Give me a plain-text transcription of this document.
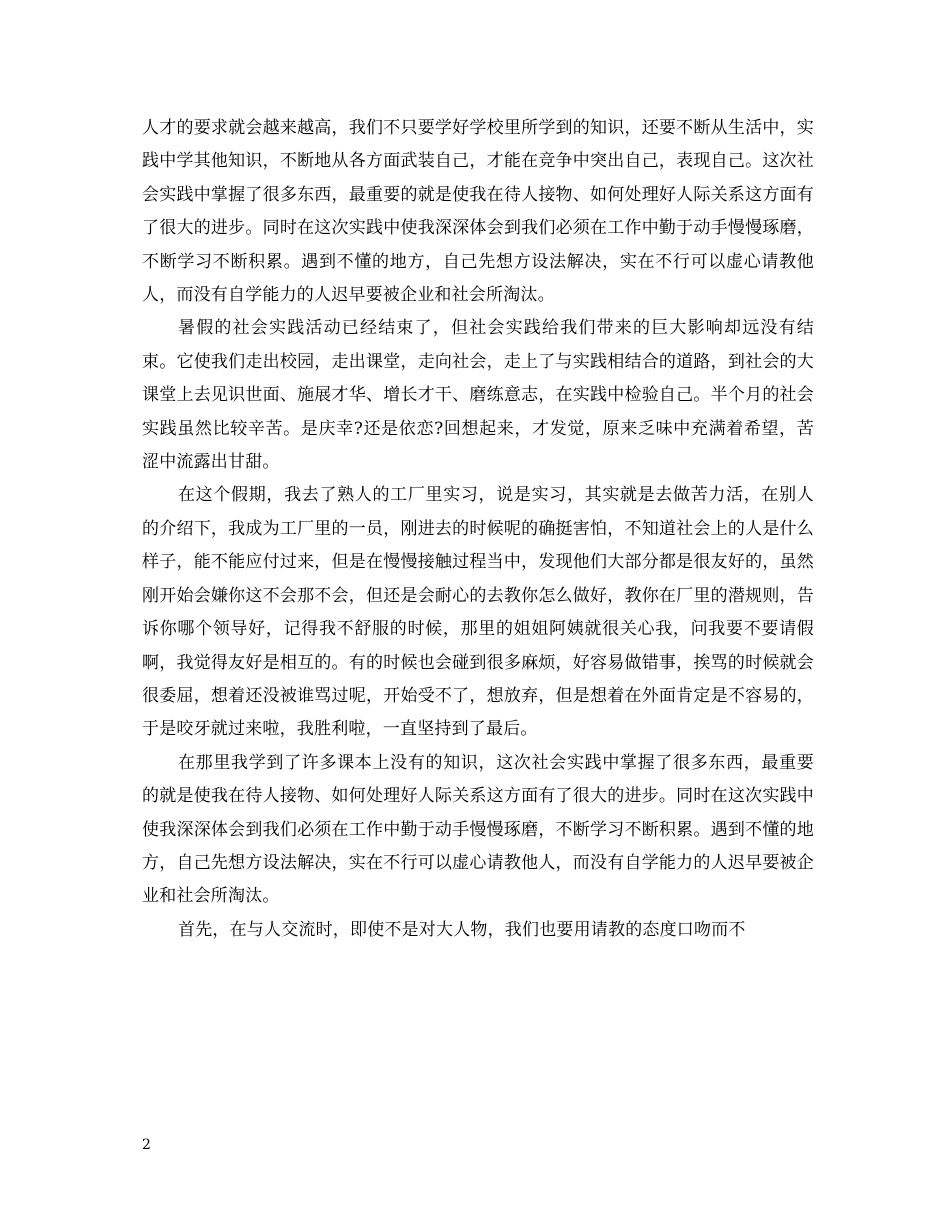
人才的要求就会越来越高，我们不只要学好学校里所学到的知识，还要不断从生活中，实践中学其他知识，不断地从各方面武装自己，才能在竞争中突出自己，表现自己。这次社会实践中掌握了很多东西，最重要的就是使我在待人接物、如何处理好人际关系这方面有了很大的进步。同时在这次实践中使我深深体会到我们必须在工作中勤于动手慢慢琢磨，不断学习不断积累。遇到不懂的地方，自己先想方设法解决，实在不行可以虚心请教他人，而没有自学能力的人迟早要被企业和社会所淘汰。

暑假的社会实践活动已经结束了，但社会实践给我们带来的巨大影响却远没有结束。它使我们走出校园，走出课堂，走向社会，走上了与实践相结合的道路，到社会的大课堂上去见识世面、施展才华、增长才干、磨练意志，在实践中检验自己。半个月的社会实践虽然比较辛苦。是庆幸?还是依恋?回想起来，才发觉，原来乏味中充满着希望，苦涩中流露出甘甜。

在这个假期，我去了熟人的工厂里实习，说是实习，其实就是去做苦力活，在别人的介绍下，我成为工厂里的一员，刚进去的时候呢的确挺害怕，不知道社会上的人是什么样子，能不能应付过来，但是在慢慢接触过程当中，发现他们大部分都是很友好的，虽然刚开始会嫌你这不会那不会，但还是会耐心的去教你怎么做好，教你在厂里的潜规则，告诉你哪个领导好，记得我不舒服的时候，那里的姐姐阿姨就很关心我，问我要不要请假啊，我觉得友好是相互的。有的时候也会碰到很多麻烦，好容易做错事，挨骂的时候就会很委屈，想着还没被谁骂过呢，开始受不了，想放弃，但是想着在外面肯定是不容易的，于是咬牙就过来啦，我胜利啦，一直坚持到了最后。

在那里我学到了许多课本上没有的知识，这次社会实践中掌握了很多东西，最重要的就是使我在待人接物、如何处理好人际关系这方面有了很大的进步。同时在这次实践中使我深深体会到我们必须在工作中勤于动手慢慢琢磨，不断学习不断积累。遇到不懂的地方，自己先想方设法解决，实在不行可以虚心请教他人，而没有自学能力的人迟早要被企业和社会所淘汰。

首先，在与人交流时，即使不是对大人物，我们也要用请教的态度口吻而不

2
